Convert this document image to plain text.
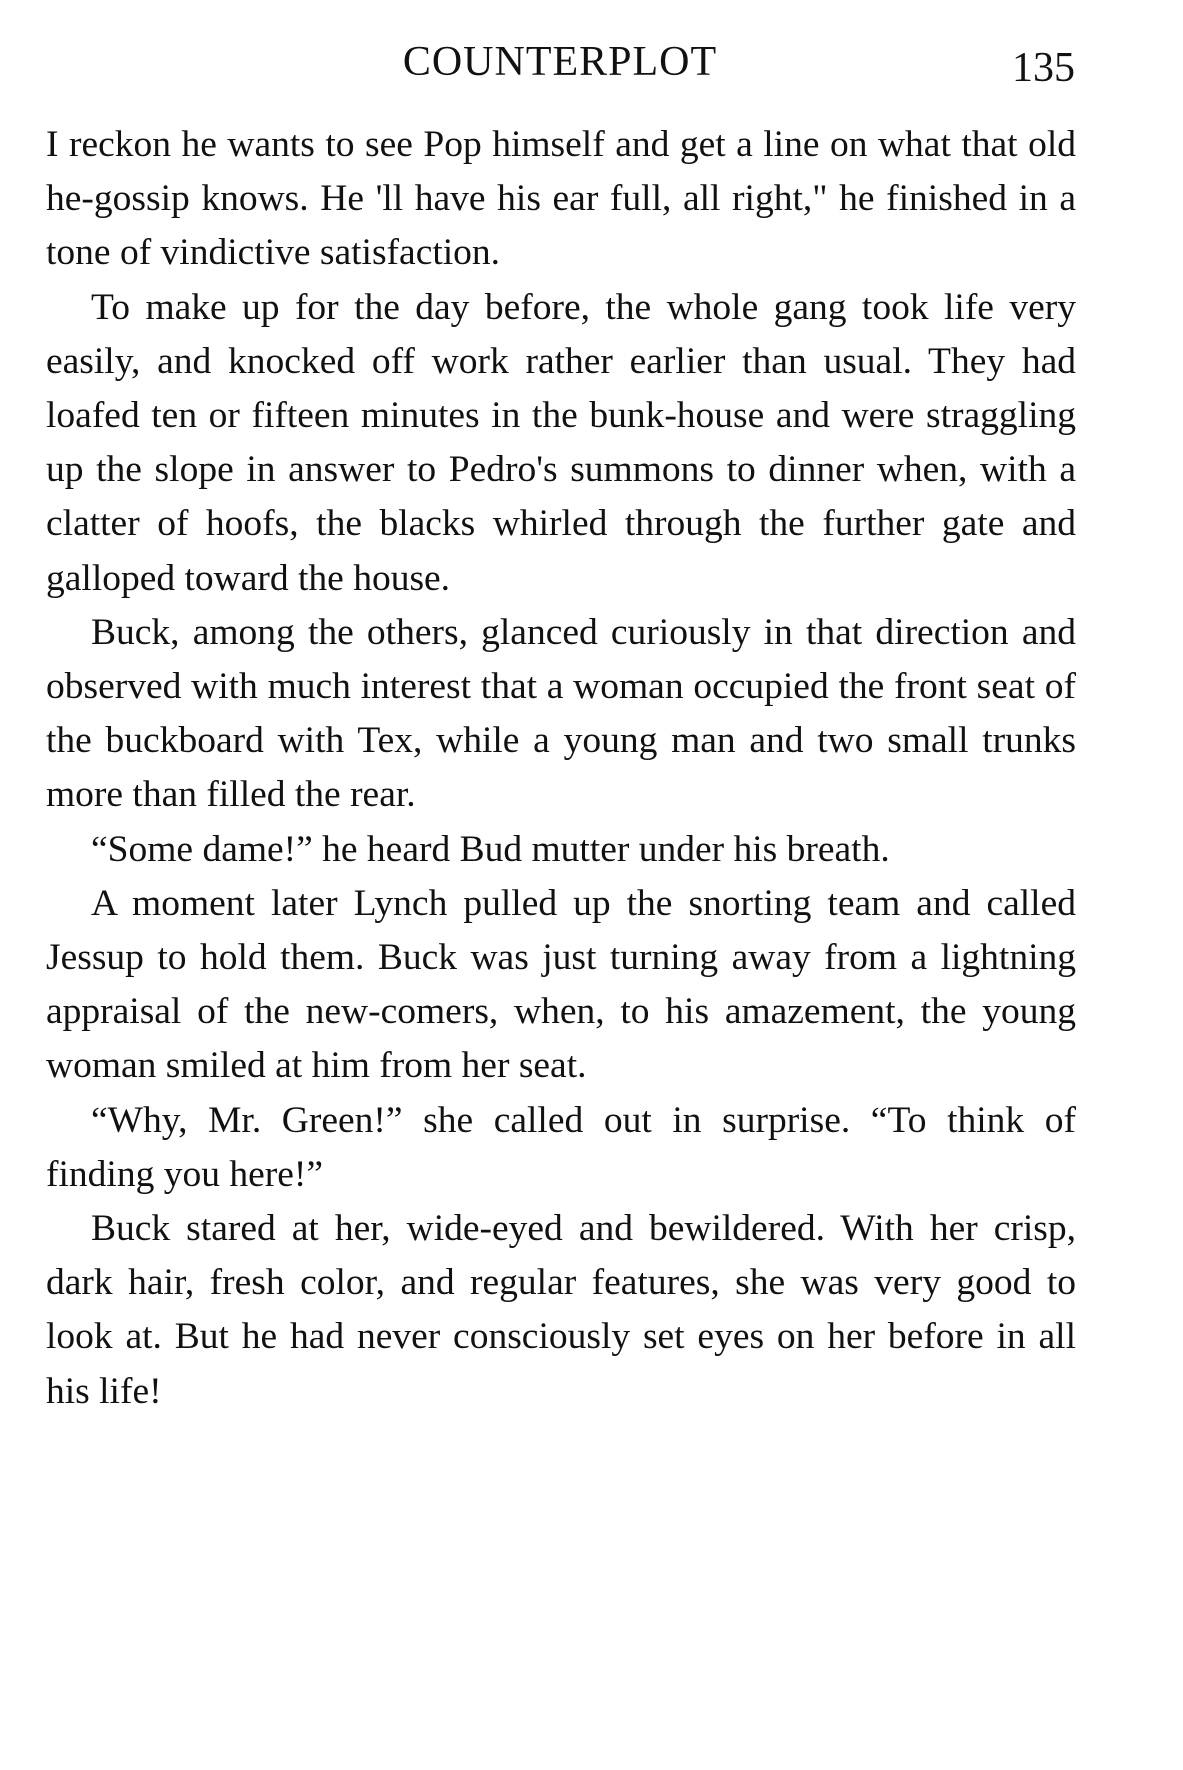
COUNTERPLOT	135

I reckon he wants to see Pop himself and get a line on what that old he-gossip knows. He 'll have his ear full, all right," he finished in a tone of vindictive satisfaction.

To make up for the day before, the whole gang took life very easily, and knocked off work rather earlier than usual. They had loafed ten or fifteen minutes in the bunk-house and were straggling up the slope in answer to Pedro's summons to dinner when, with a clatter of hoofs, the blacks whirled through the further gate and galloped toward the house.

Buck, among the others, glanced curiously in that direction and observed with much interest that a woman occupied the front seat of the buckboard with Tex, while a young man and two small trunks more than filled the rear.

“Some dame!” he heard Bud mutter under his breath.

A moment later Lynch pulled up the snorting team and called Jessup to hold them. Buck was just turning away from a lightning appraisal of the new-comers, when, to his amazement, the young woman smiled at him from her seat.

“Why, Mr. Green!” she called out in surprise. “To think of finding you here!”

Buck stared at her, wide-eyed and bewildered. With her crisp, dark hair, fresh color, and regular features, she was very good to look at. But he had never consciously set eyes on her before in all his life!
